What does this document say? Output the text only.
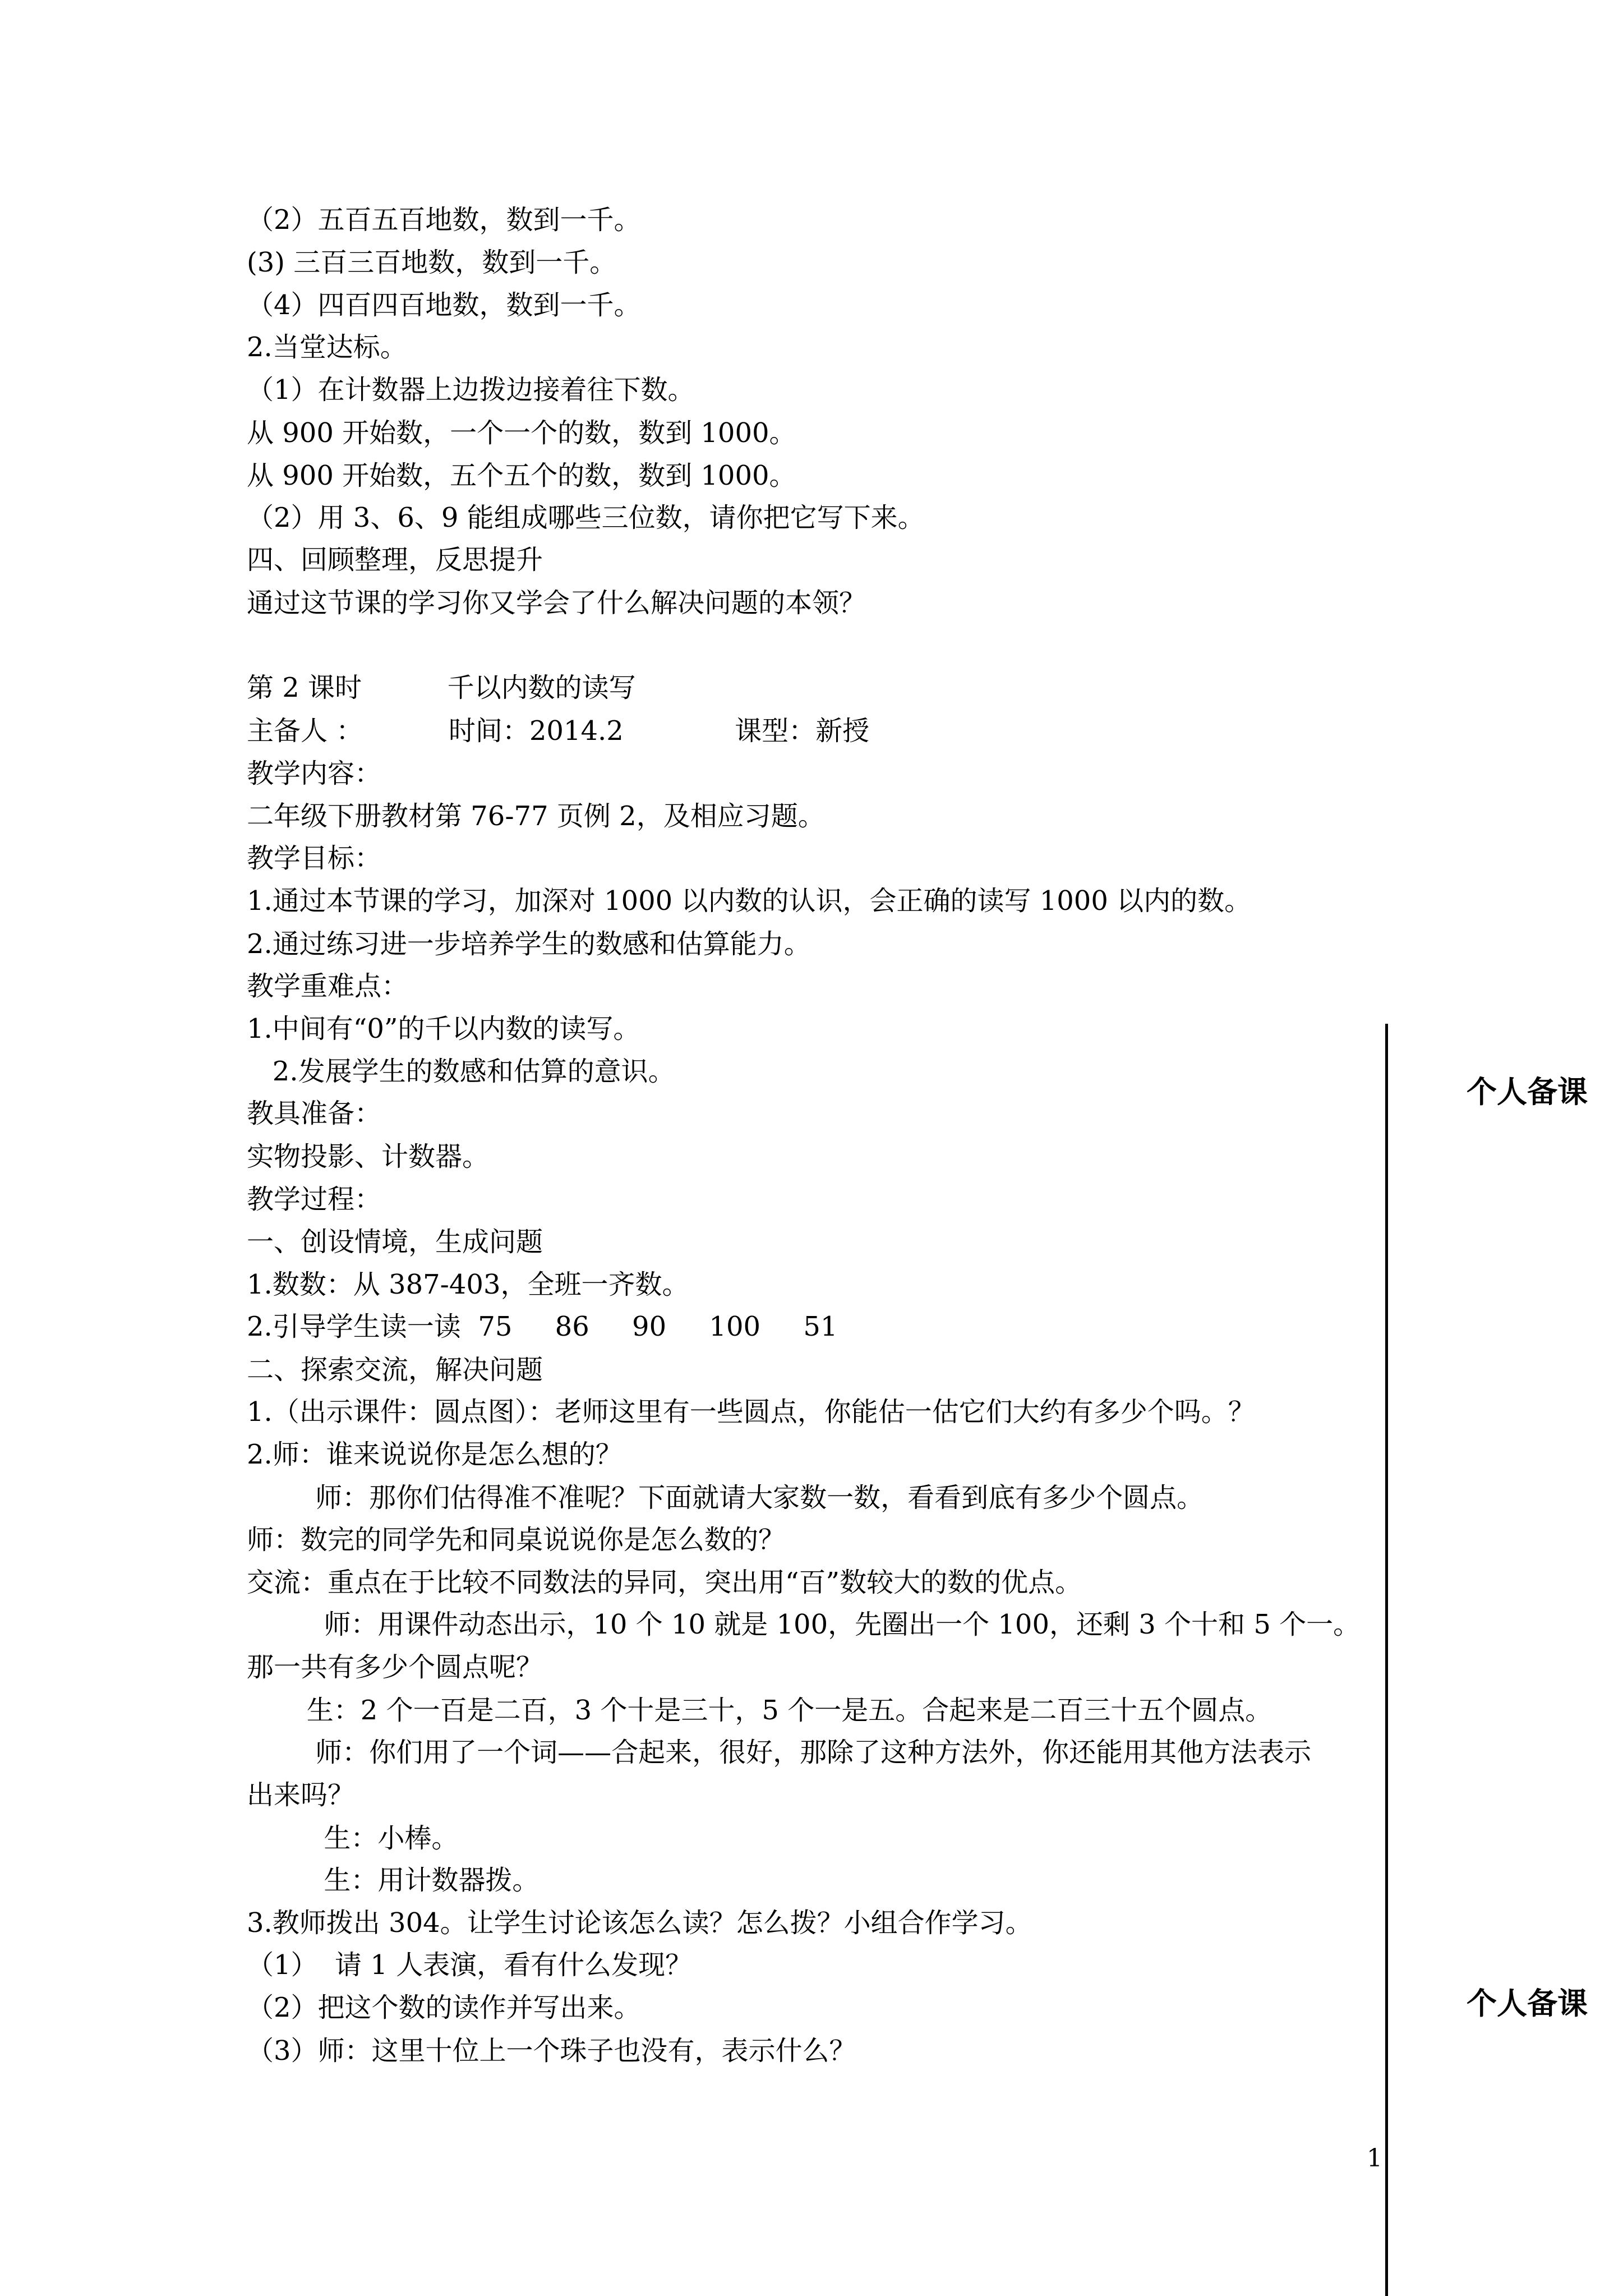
（2）五百五百地数，数到一千。
(3) 三百三百地数，数到一千。
（4）四百四百地数，数到一千。
2.当堂达标。
（1）在计数器上边拨边接着往下数。
从 900 开始数，一个一个的数，数到 1000。
从 900 开始数，五个五个的数，数到 1000。
（2）用 3、6、9 能组成哪些三位数，请你把它写下来。
四、回顾整理，反思提升
通过这节课的学习你又学会了什么解决问题的本领？
第 2 课时          千以内数的读写
主备人 ：          时间：2014.2             课型：新授
教学内容：
二年级下册教材第 76-77 页例 2，及相应习题。
教学目标：
1.通过本节课的学习，加深对 1000 以内数的认识，会正确的读写 1000 以内的数。
2.通过练习进一步培养学生的数感和估算能力。
教学重难点：
1.中间有“0”的千以内数的读写。
2.发展学生的数感和估算的意识。
教具准备：
实物投影、计数器。
教学过程：
一、创设情境，生成问题
1.数数：从 387-403，全班一齐数。
2.引导学生读一读  75     86     90     100     51
二、探索交流，解决问题
1.（出示课件：圆点图）：老师这里有一些圆点，你能估一估它们大约有多少个吗。？
2.师：谁来说说你是怎么想的？
师：那你们估得准不准呢？下面就请大家数一数，看看到底有多少个圆点。
师：数完的同学先和同桌说说你是怎么数的？
交流：重点在于比较不同数法的异同，突出用“百”数较大的数的优点。
师：用课件动态出示，10 个 10 就是 100，先圈出一个 100，还剩 3 个十和 5 个一。
那一共有多少个圆点呢？
生：2 个一百是二百，3 个十是三十，5 个一是五。合起来是二百三十五个圆点。
师：你们用了一个词——合起来，很好，那除了这种方法外，你还能用其他方法表示
出来吗？
生：小棒。
生：用计数器拨。
3.教师拨出 304。让学生讨论该怎么读？怎么拨？小组合作学习。
（1）  请 1 人表演，看有什么发现？
（2）把这个数的读作并写出来。
（3）师：这里十位上一个珠子也没有，表示什么？
个人备课
个人备课
1
